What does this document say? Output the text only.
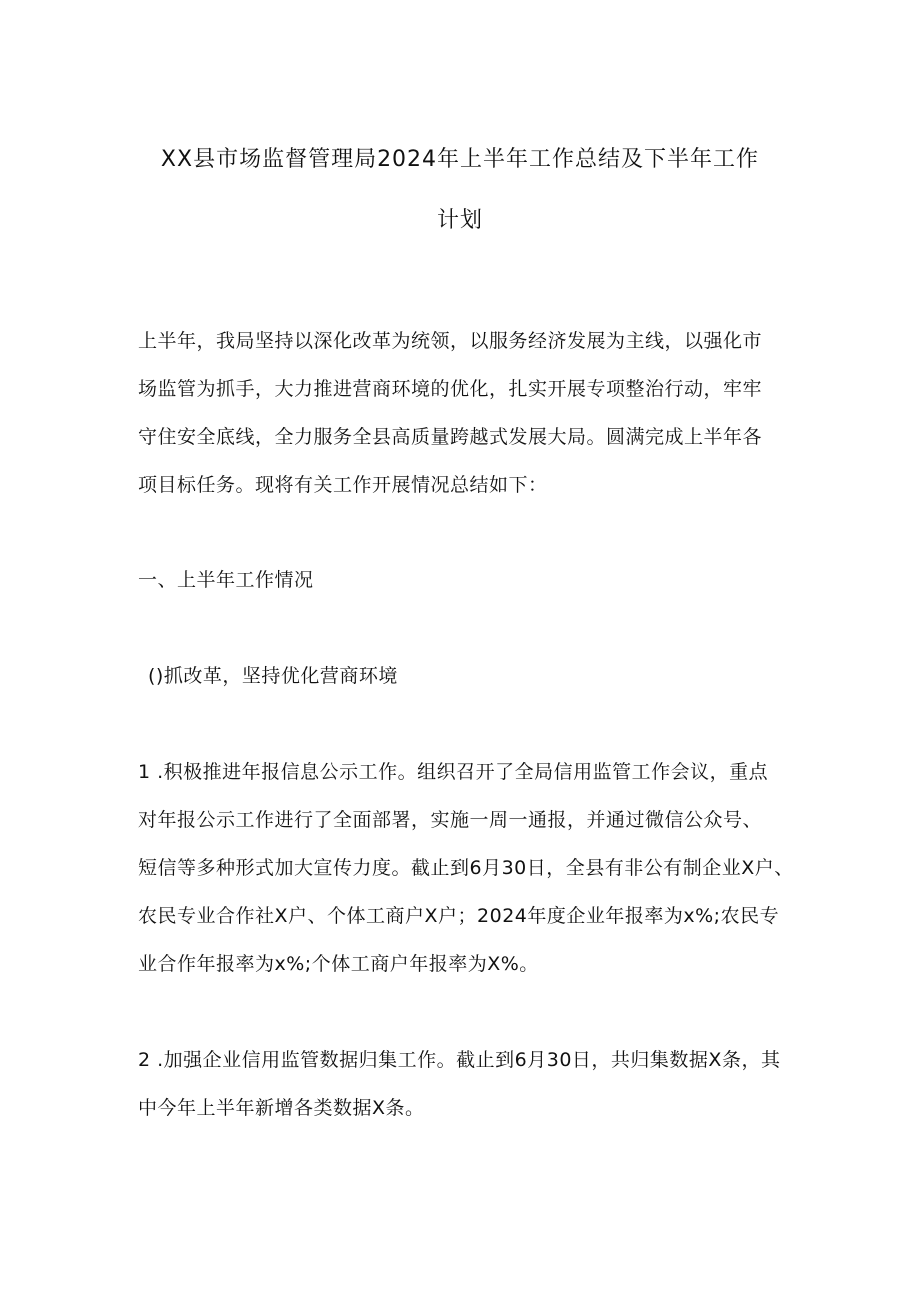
XX县市场监督管理局2024年上半年工作总结及下半年工作
计划
上半年，我局坚持以深化改革为统领，以服务经济发展为主线，以强化市
场监管为抓手，大力推进营商环境的优化，扎实开展专项整治行动，牢牢
守住安全底线，全力服务全县高质量跨越式发展大局。圆满完成上半年各
项目标任务。现将有关工作开展情况总结如下：
一、上半年工作情况
()抓改革，坚持优化营商环境
1 .积极推进年报信息公示工作。组织召开了全局信用监管工作会议，重点
对年报公示工作进行了全面部署，实施一周一通报，并通过微信公众号、
短信等多种形式加大宣传力度。截止到6月30日，全县有非公有制企业X户、
农民专业合作社X户、个体工商户X户；2024年度企业年报率为x%;农民专
业合作年报率为x%;个体工商户年报率为X%。
2 .加强企业信用监管数据归集工作。截止到6月30日，共归集数据X条，其
中今年上半年新增各类数据X条。
